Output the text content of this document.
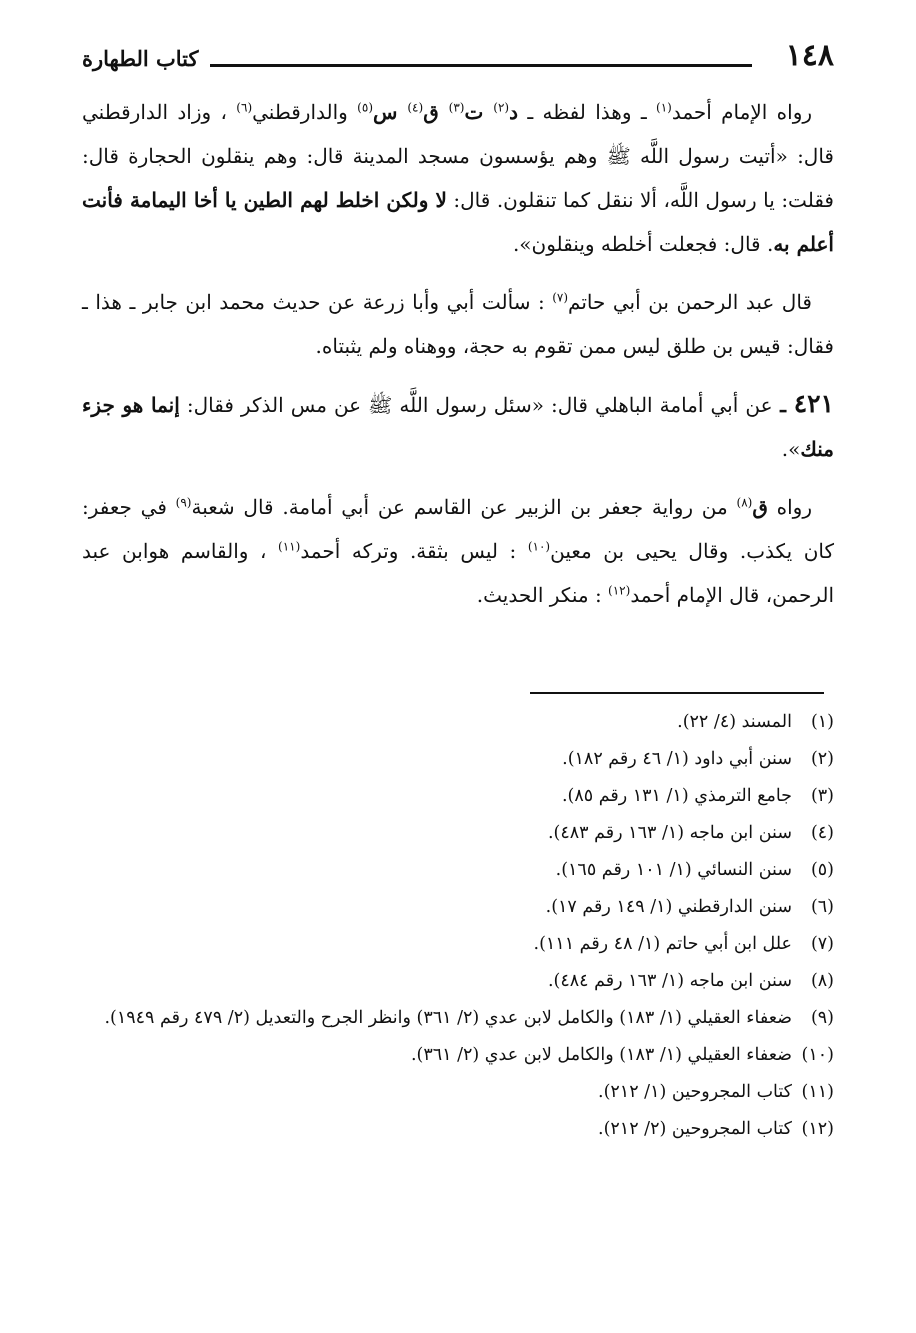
١٤٨
كتاب الطهارة

رواه الإمام أحمد$^{(١)}$ ـ وهذا لفظه ـ د$^{(٢)}$ ت$^{(٣)}$ ق$^{(٤)}$ س$^{(٥)}$ والدارقطني$^{(٦)}$ ، وزاد الدارقطني قال: «أتيت رسول اللَّه ﷺ وهم يؤسسون مسجد المدينة قال: وهم ينقلون الحجارة قال: فقلت: يا رسول اللَّه، ألا ننقل كما تنقلون. قال: لا ولكن اخلط لهم الطين يا أخا اليمامة فأنت أعلم به. قال: فجعلت أخلطه وينقلون».

قال عبد الرحمن بن أبي حاتم$^{(٧)}$ : سألت أبي وأبا زرعة عن حديث محمد ابن جابر ـ هذا ـ فقال: قيس بن طلق ليس ممن تقوم به حجة، ووهناه ولم يثبتاه.

٤٢١ ـ عن أبي أمامة الباهلي قال: «سئل رسول اللَّه ﷺ عن مس الذكر فقال: إنما هو جزء منك».

رواه ق$^{(٨)}$ من رواية جعفر بن الزبير عن القاسم عن أبي أمامة. قال شعبة$^{(٩)}$ في جعفر: كان يكذب. وقال يحيى بن معين$^{(١٠)}$ : ليس بثقة. وتركه أحمد$^{(١١)}$ ، والقاسم هوابن عبد الرحمن، قال الإمام أحمد$^{(١٢)}$ : منكر الحديث.

(١)المسند (٤/ ٢٢).

(٢)سنن أبي داود (١/ ٤٦ رقم ١٨٢).

(٣)جامع الترمذي (١/ ١٣١ رقم ٨٥).

(٤)سنن ابن ماجه (١/ ١٦٣ رقم ٤٨٣).

(٥)سنن النسائي (١/ ١٠١ رقم ١٦٥).

(٦)سنن الدارقطني (١/ ١٤٩ رقم ١٧).

(٧)علل ابن أبي حاتم (١/ ٤٨ رقم ١١١).

(٨)سنن ابن ماجه (١/ ١٦٣ رقم ٤٨٤).

(٩)ضعفاء العقيلي (١/ ١٨٣) والكامل لابن عدي (٢/ ٣٦١) وانظر الجرح والتعديل (٢/ ٤٧٩ رقم ١٩٤٩).

(١٠)ضعفاء العقيلي (١/ ١٨٣) والكامل لابن عدي (٢/ ٣٦١).

(١١)كتاب المجروحين (١/ ٢١٢).

(١٢)كتاب المجروحين (٢/ ٢١٢).
